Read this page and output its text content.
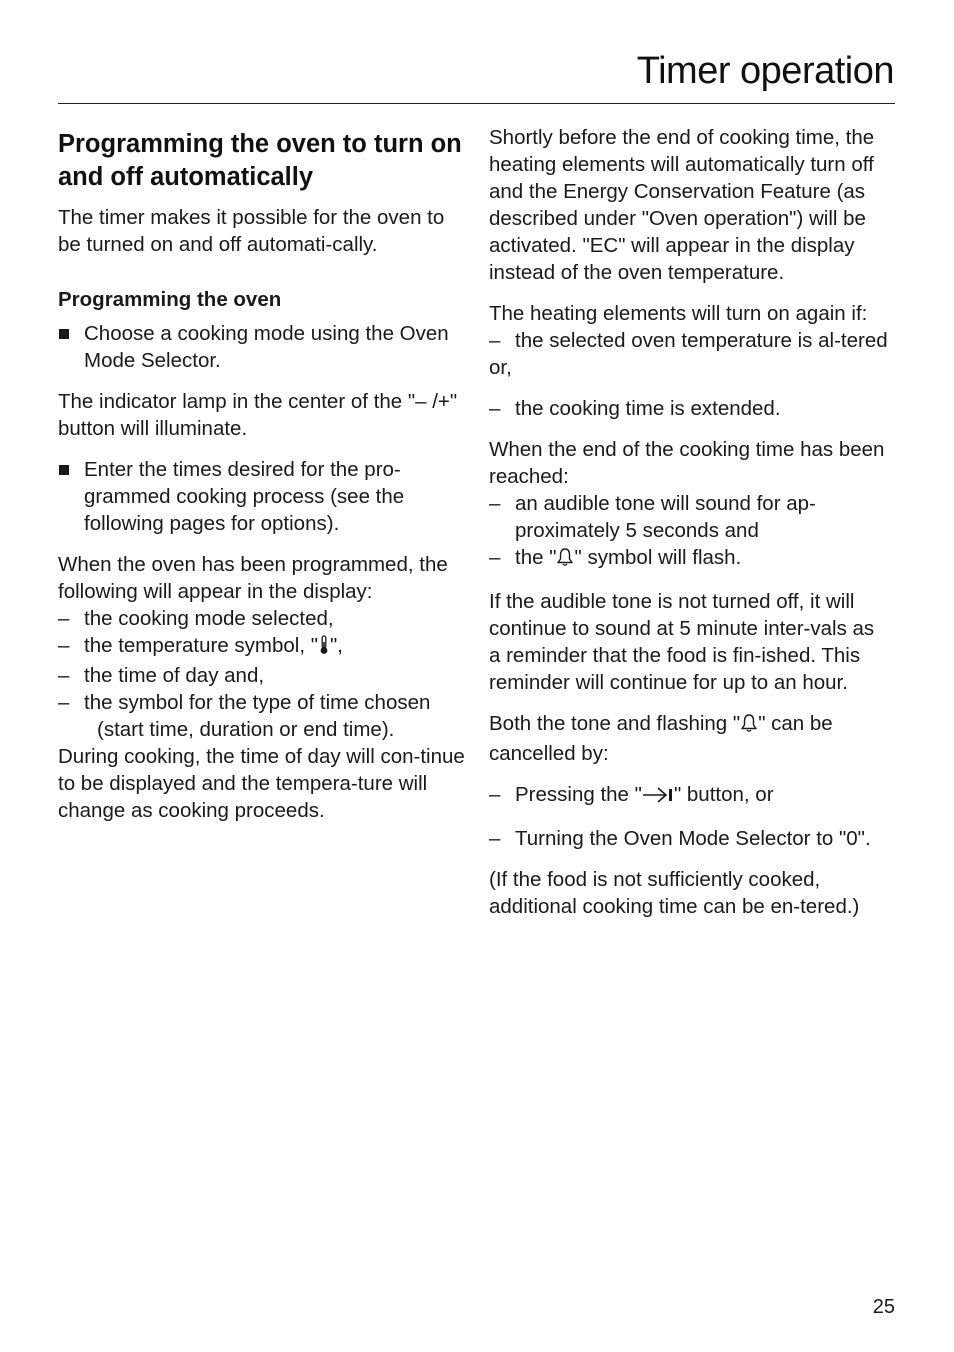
Timer operation
Programming the oven to turn on and off automatically

The timer makes it possible for the oven to be turned on and off automati-cally.

Programming the oven
Choose a cooking mode using the Oven Mode Selector.

The indicator lamp in the center of the "– /+" button will illuminate.

Enter the times desired for the pro-grammed cooking process (see the following pages for options).

When the oven has been programmed, the following will appear in the display:

– the cooking mode selected,
– the temperature symbol, " ",
– the time of day and,
– the symbol for the type of time chosen

(start time, duration or end time).

During cooking, the time of day will con-tinue to be displayed and the tempera-ture will change as cooking proceeds.

Shortly before the end of cooking time, the heating elements will automatically turn off and the Energy Conservation Feature (as described under "Oven operation") will be activated. "EC" will appear in the display instead of the oven temperature.

The heating elements will turn on again if:

– the selected oven temperature is al-tered

or,

– the cooking time is extended.

When the end of the cooking time has been reached:

– an audible tone will sound for ap-proximately 5 seconds and
– the " " symbol will flash.

If the audible tone is not turned off, it will continue to sound at 5 minute inter-vals as a reminder that the food is fin-ished. This reminder will continue for up to an hour.

Both the tone and flashing " " can be cancelled by:

– Pressing the " " button, or
– Turning the Oven Mode Selector to "0".

(If the food is not sufficiently cooked, additional cooking time can be en-tered.)

25
